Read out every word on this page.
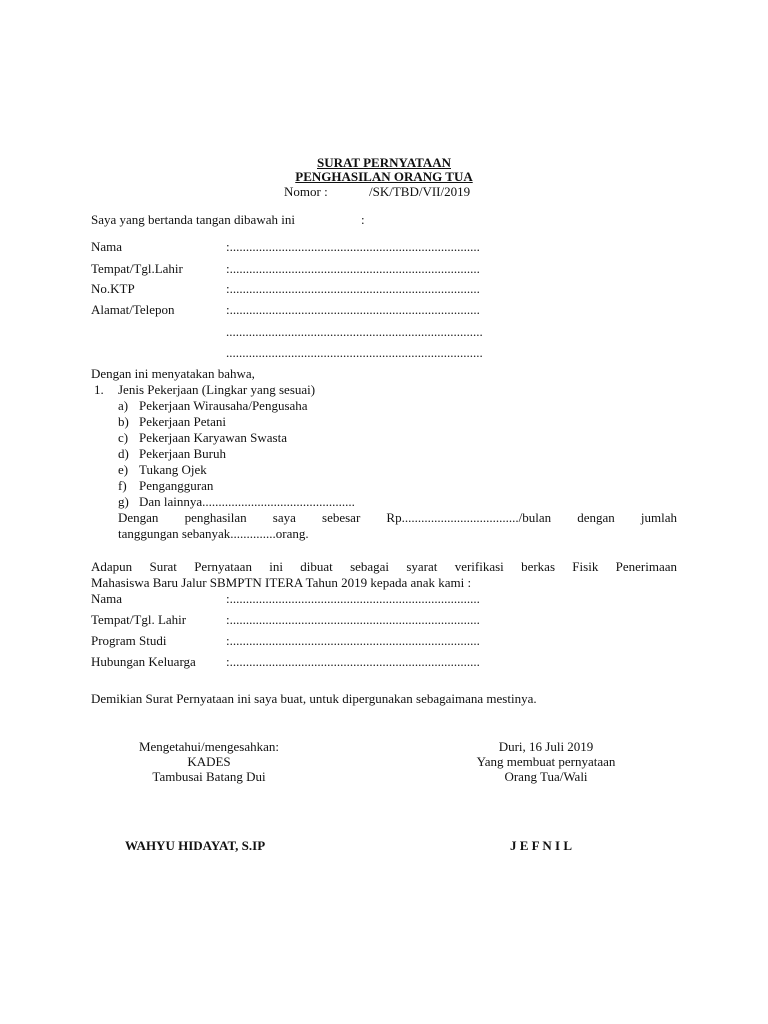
SURAT PERNYATAAN
PENGHASILAN ORANG TUA
Nomor :	/SK/TBD/VII/2019
Saya yang bertanda tangan dibawah ini	:
Nama	:.............................................................................
Tempat/Tgl.Lahir	:.............................................................................
No.KTP	:.............................................................................
Alamat/Telepon	:.............................................................................
...............................................................................
...............................................................................
Dengan ini menyatakan bahwa,
1. Jenis Pekerjaan (Lingkar yang sesuai)
a) Pekerjaan Wirausaha/Pengusaha
b) Pekerjaan Petani
c) Pekerjaan Karyawan Swasta
d) Pekerjaan Buruh
e) Tukang Ojek
f) Pengangguran
g) Dan lainnya...............................................
Dengan penghasilan saya sebesar Rp..................................../bulan dengan jumlah
tanggungan sebanyak..............orang.
Adapun Surat Pernyataan ini dibuat sebagai syarat verifikasi berkas Fisik Penerimaan
Mahasiswa Baru Jalur SBMPTN ITERA Tahun 2019 kepada anak kami :
Nama	:.............................................................................
Tempat/Tgl. Lahir	:.............................................................................
Program Studi	:.............................................................................
Hubungan Keluarga :.............................................................................
Demikian Surat Pernyataan ini saya buat, untuk dipergunakan sebagaimana mestinya.
Mengetahui/mengesahkan:
KADES
Tambusai Batang Dui
Duri, 16 Juli 2019
Yang membuat pernyataan
Orang Tua/Wali
WAHYU HIDAYAT, S.IP	J E F N I L
